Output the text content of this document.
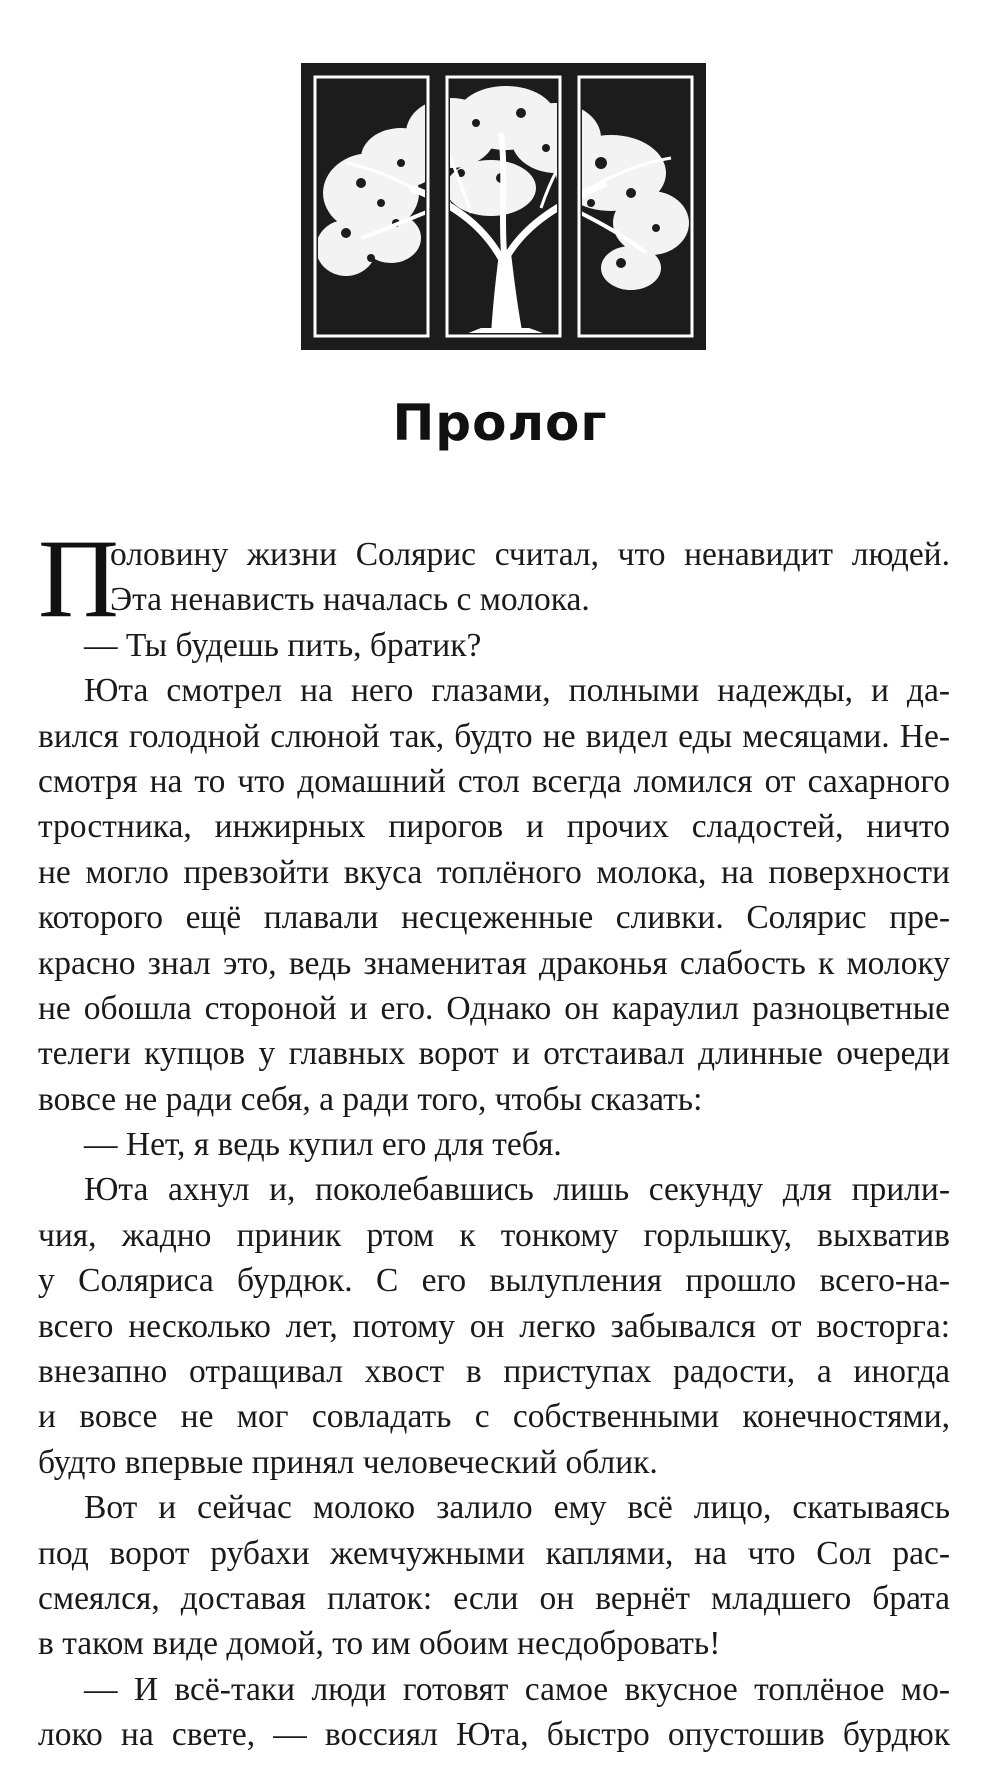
Пролог
П
оловину жизни Солярис считал, что ненавидит людей.
Эта ненависть началась с молока.
— Ты будешь пить, братик?
Юта смотрел на него глазами, полными надежды, и да-
вился голодной слюной так, будто не видел еды месяцами. Не-
смотря на то что домашний стол всегда ломился от сахарного
тростника, инжирных пирогов и прочих сладостей, ничто
не могло превзойти вкуса топлёного молока, на поверхности
которого ещё плавали несцеженные сливки. Солярис пре-
красно знал это, ведь знаменитая драконья слабость к молоку
не обошла стороной и его. Однако он караулил разноцветные
телеги купцов у главных ворот и отстаивал длинные очереди
вовсе не ради себя, а ради того, чтобы сказать:
— Нет, я ведь купил его для тебя.
Юта ахнул и, поколебавшись лишь секунду для прили-
чия, жадно приник ртом к тонкому горлышку, выхватив
у Соляриса бурдюк. С его вылупления прошло всего-на-
всего несколько лет, потому он легко забывался от восторга:
внезапно отращивал хвост в приступах радости, а иногда
и вовсе не мог совладать с собственными конечностями,
будто впервые принял человеческий облик.
Вот и сейчас молоко залило ему всё лицо, скатываясь
под ворот рубахи жемчужными каплями, на что Сол рас-
смеялся, доставая платок: если он вернёт младшего брата
в таком виде домой, то им обоим несдобровать!
— И всё-таки люди готовят самое вкусное топлёное мо-
локо на свете, — воссиял Юта, быстро опустошив бурдюк
